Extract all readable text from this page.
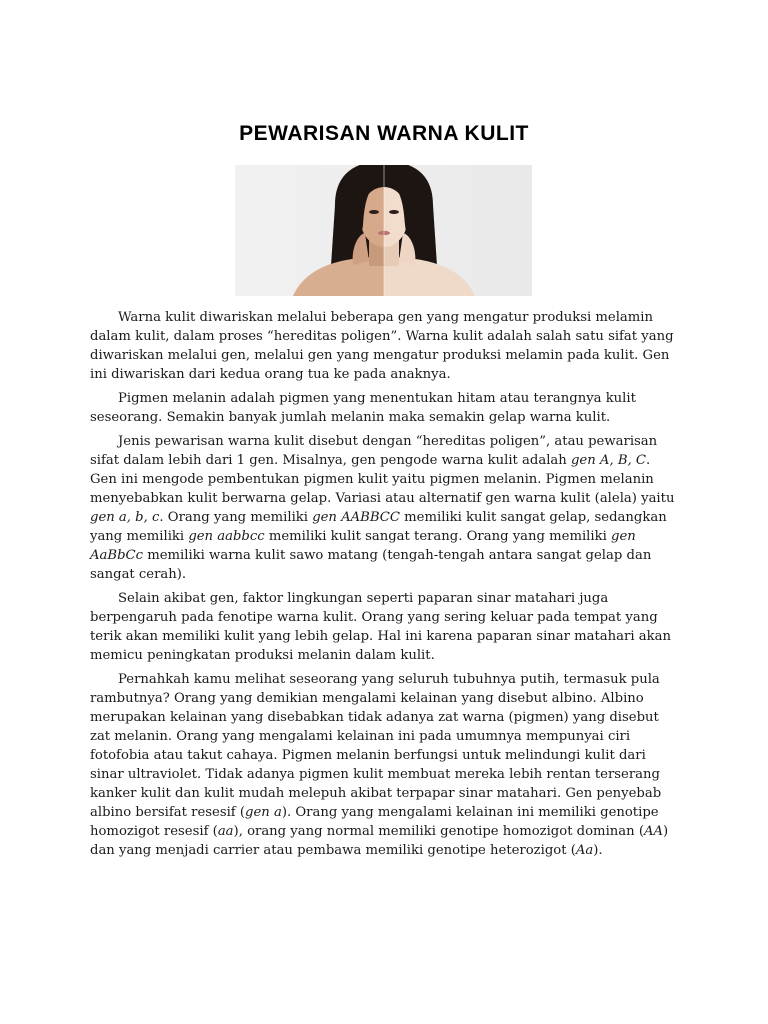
PEWARISAN WARNA KULIT

Warna kulit diwariskan melalui beberapa gen yang mengatur produksi melamin dalam kulit, dalam proses “hereditas poligen”. Warna kulit adalah salah satu sifat yang diwariskan melalui gen, melalui gen yang mengatur produksi melamin pada kulit. Gen ini diwariskan dari kedua orang tua ke pada anaknya.

Pigmen melanin adalah pigmen yang menentukan hitam atau terangnya kulit seseorang. Semakin banyak jumlah melanin maka semakin gelap warna kulit.

Jenis pewarisan warna kulit disebut dengan “hereditas poligen”, atau pewarisan sifat dalam lebih dari 1 gen. Misalnya, gen pengode warna kulit adalah gen A, B, C. Gen ini mengode pembentukan pigmen kulit yaitu pigmen melanin. Pigmen melanin menyebabkan kulit berwarna gelap. Variasi atau alternatif gen warna kulit (alela) yaitu gen a, b, c. Orang yang memiliki gen AABBCC memiliki kulit sangat gelap, sedangkan yang memiliki gen aabbcc memiliki kulit sangat terang. Orang yang memiliki gen AaBbCc memiliki warna kulit sawo matang (tengah-tengah antara sangat gelap dan sangat cerah).

Selain akibat gen, faktor lingkungan seperti paparan sinar matahari juga berpengaruh pada fenotipe warna kulit. Orang yang sering keluar pada tempat yang terik akan memiliki kulit yang lebih gelap. Hal ini karena paparan sinar matahari akan memicu peningkatan produksi melanin dalam kulit.

Pernahkah kamu melihat seseorang yang seluruh tubuhnya putih, termasuk pula rambutnya? Orang yang demikian mengalami kelainan yang disebut albino. Albino merupakan kelainan yang disebabkan tidak adanya zat warna (pigmen) yang disebut zat melanin. Orang yang mengalami kelainan ini pada umumnya mempunyai ciri fotofobia atau takut cahaya. Pigmen melanin berfungsi untuk melindungi kulit dari sinar ultraviolet. Tidak adanya pigmen kulit membuat mereka lebih rentan terserang kanker kulit dan kulit mudah melepuh akibat terpapar sinar matahari. Gen penyebab albino bersifat resesif (gen a). Orang yang mengalami kelainan ini memiliki genotipe homozigot resesif (aa), orang yang normal memiliki genotipe homozigot dominan (AA) dan yang menjadi carrier atau pembawa memiliki genotipe heterozigot (Aa).
